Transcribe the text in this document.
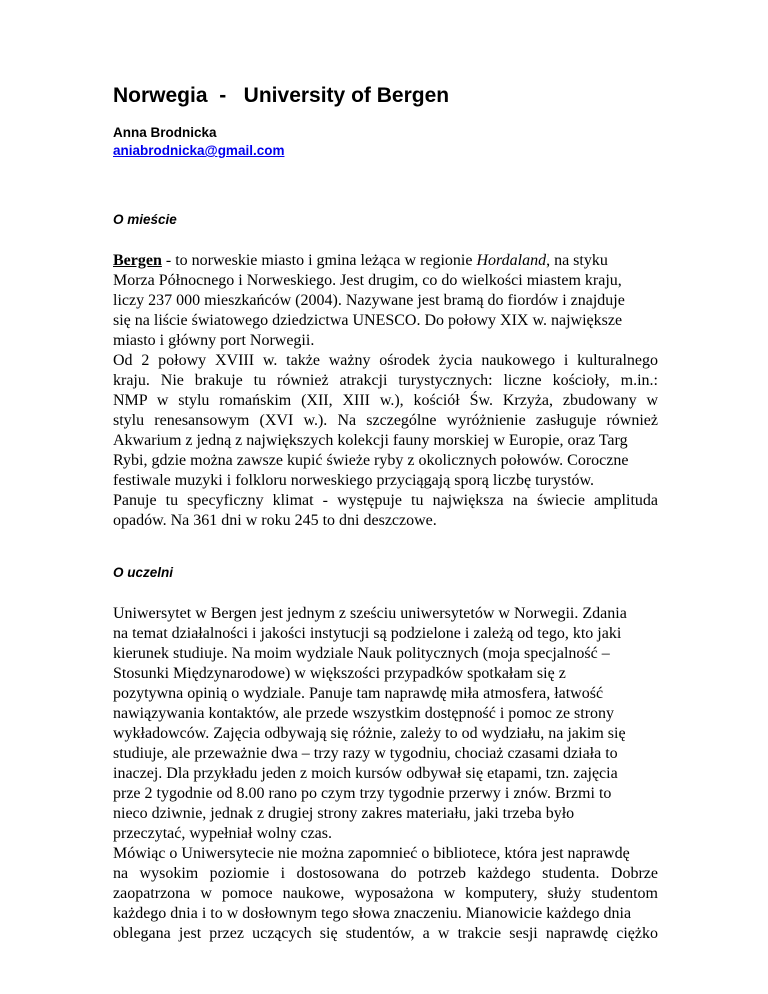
Norwegia  -   University of Bergen
Anna Brodnicka
aniabrodnicka@gmail.com
O mieście

Bergen - to norweskie miasto i gmina leżąca w regionie Hordaland, na styku

Morza Północnego i Norweskiego. Jest drugim, co do wielkości miastem kraju,

liczy 237 000 mieszkańców (2004). Nazywane jest bramą do fiordów i znajduje

się na liście światowego dziedzictwa UNESCO. Do połowy XIX w. największe

miasto i główny port Norwegii.

Od 2 połowy XVIII w. także ważny ośrodek życia naukowego i kulturalnego

kraju. Nie brakuje tu również atrakcji turystycznych: liczne kościoły, m.in.:

NMP w stylu romańskim (XII, XIII w.), kościół Św. Krzyża, zbudowany w

stylu renesansowym (XVI w.). Na szczególne wyróżnienie zasługuje również

Akwarium z jedną z największych kolekcji fauny morskiej w Europie, oraz Targ

Rybi, gdzie można zawsze kupić świeże ryby z okolicznych połowów. Coroczne

festiwale muzyki i folkloru norweskiego przyciągają sporą liczbę turystów.

Panuje tu specyficzny klimat - występuje tu największa na świecie amplituda

opadów. Na 361 dni w roku 245 to dni deszczowe.

O uczelni

Uniwersytet w Bergen jest jednym z sześciu uniwersytetów w Norwegii. Zdania

na temat działalności i jakości instytucji są podzielone i zależą od tego, kto jaki

kierunek studiuje. Na moim wydziale Nauk politycznych (moja specjalność –

Stosunki Międzynarodowe) w większości przypadków spotkałam się z

pozytywna opinią o wydziale. Panuje tam naprawdę miła atmosfera, łatwość

nawiązywania kontaktów, ale przede wszystkim dostępność i pomoc ze strony

wykładowców. Zajęcia odbywają się różnie, zależy to od wydziału, na jakim się

studiuje, ale przeważnie dwa – trzy razy w tygodniu, chociaż czasami działa to

inaczej. Dla przykładu jeden z moich kursów odbywał się etapami, tzn. zajęcia

prze 2 tygodnie od 8.00 rano po czym trzy tygodnie przerwy i znów. Brzmi to

nieco dziwnie, jednak z drugiej strony zakres materiału, jaki trzeba było

przeczytać, wypełniał wolny czas.

Mówiąc o Uniwersytecie nie można zapomnieć o bibliotece, która jest naprawdę

na wysokim poziomie i dostosowana do potrzeb każdego studenta. Dobrze

zaopatrzona w pomoce naukowe, wyposażona w komputery, służy studentom

każdego dnia i to w dosłownym tego słowa znaczeniu. Mianowicie każdego dnia

oblegana jest przez uczących się studentów, a w trakcie sesji naprawdę ciężko
